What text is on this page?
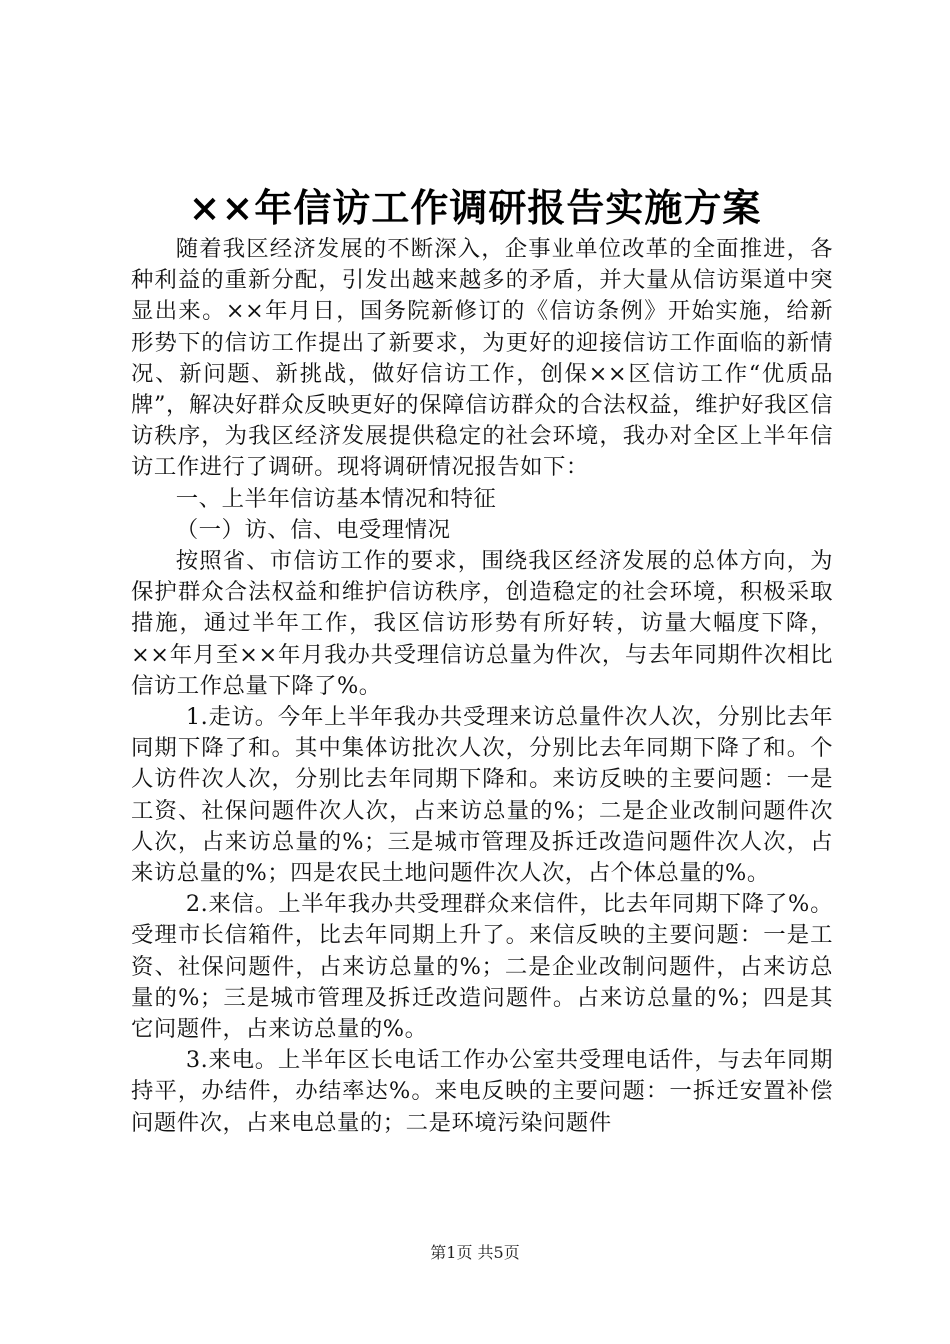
××年信访工作调研报告实施方案

随着我区经济发展的不断深入，企事业单位改革的全面推进，各种利益的重新分配，引发出越来越多的矛盾，并大量从信访渠道中突显出来。××年月日，国务院新修订的《信访条例》开始实施，给新形势下的信访工作提出了新要求，为更好的迎接信访工作面临的新情况、新问题、新挑战，做好信访工作，创保××区信访工作“优质品牌”，解决好群众反映更好的保障信访群众的合法权益，维护好我区信访秩序，为我区经济发展提供稳定的社会环境，我办对全区上半年信访工作进行了调研。现将调研情况报告如下：

一、上半年信访基本情况和特征

（一）访、信、电受理情况

按照省、市信访工作的要求，围绕我区经济发展的总体方向，为保护群众合法权益和维护信访秩序，创造稳定的社会环境，积极采取措施，通过半年工作，我区信访形势有所好转，访量大幅度下降，××年月至××年月我办共受理信访总量为件次，与去年同期件次相比信访工作总量下降了%。

1.走访。今年上半年我办共受理来访总量件次人次，分别比去年同期下降了和。其中集体访批次人次，分别比去年同期下降了和。个人访件次人次，分别比去年同期下降和。来访反映的主要问题：一是工资、社保问题件次人次，占来访总量的%；二是企业改制问题件次人次，占来访总量的%；三是城市管理及拆迁改造问题件次人次，占来访总量的%；四是农民土地问题件次人次，占个体总量的%。

2.来信。上半年我办共受理群众来信件，比去年同期下降了%。受理市长信箱件，比去年同期上升了。来信反映的主要问题：一是工资、社保问题件，占来访总量的%；二是企业改制问题件，占来访总量的%；三是城市管理及拆迁改造问题件。占来访总量的%；四是其它问题件，占来访总量的%。

3.来电。上半年区长电话工作办公室共受理电话件，与去年同期持平，办结件，办结率达%。来电反映的主要问题：一拆迁安置补偿问题件次，占来电总量的；二是环境污染问题件

第1页 共5页
